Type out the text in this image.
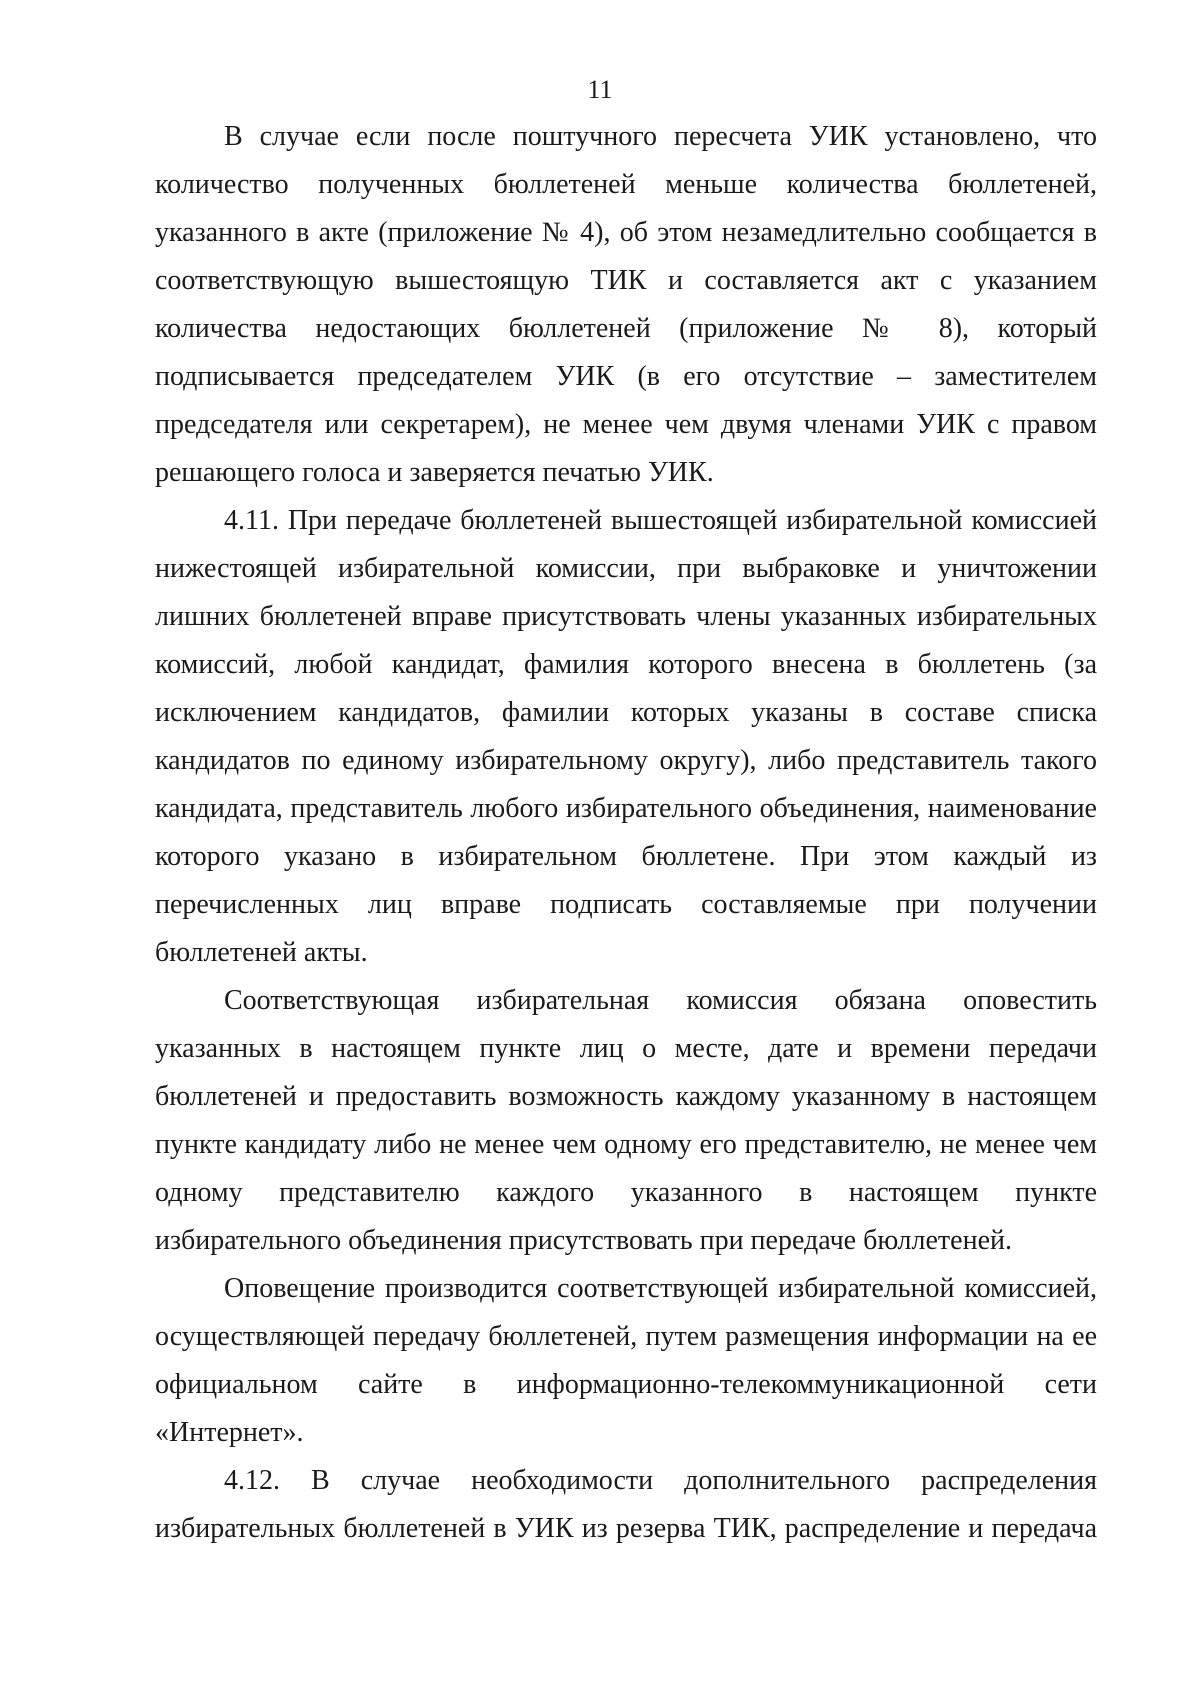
11

В случае если после поштучного пересчета УИК установлено, что количество полученных бюллетеней меньше количества бюллетеней, указанного в акте (приложение № 4), об этом незамедлительно сообщается в соответствующую вышестоящую ТИК и составляется акт с указанием количества недостающих бюллетеней (приложение № 8), который подписывается председателем УИК (в его отсутствие – заместителем председателя или секретарем), не менее чем двумя членами УИК с правом решающего голоса и заверяется печатью УИК.

4.11. При передаче бюллетеней вышестоящей избирательной комиссией нижестоящей избирательной комиссии, при выбраковке и уничтожении лишних бюллетеней вправе присутствовать члены указанных избирательных комиссий, любой кандидат, фамилия которого внесена в бюллетень (за исключением кандидатов, фамилии которых указаны в составе списка кандидатов по единому избирательному округу), либо представитель такого кандидата, представитель любого избирательного объединения, наименование которого указано в избирательном бюллетене. При этом каждый из перечисленных лиц вправе подписать составляемые при получении бюллетеней акты.

Соответствующая избирательная комиссия обязана оповестить указанных в настоящем пункте лиц о месте, дате и времени передачи бюллетеней и предоставить возможность каждому указанному в настоящем пункте кандидату либо не менее чем одному его представителю, не менее чем одному представителю каждого указанного в настоящем пункте избирательного объединения присутствовать при передаче бюллетеней.

Оповещение производится соответствующей избирательной комиссией, осуществляющей передачу бюллетеней, путем размещения информации на ее официальном сайте в информационно-телекоммуникационной сети «Интернет».

4.12. В случае необходимости дополнительного распределения избирательных бюллетеней в УИК из резерва ТИК, распределение и передача
